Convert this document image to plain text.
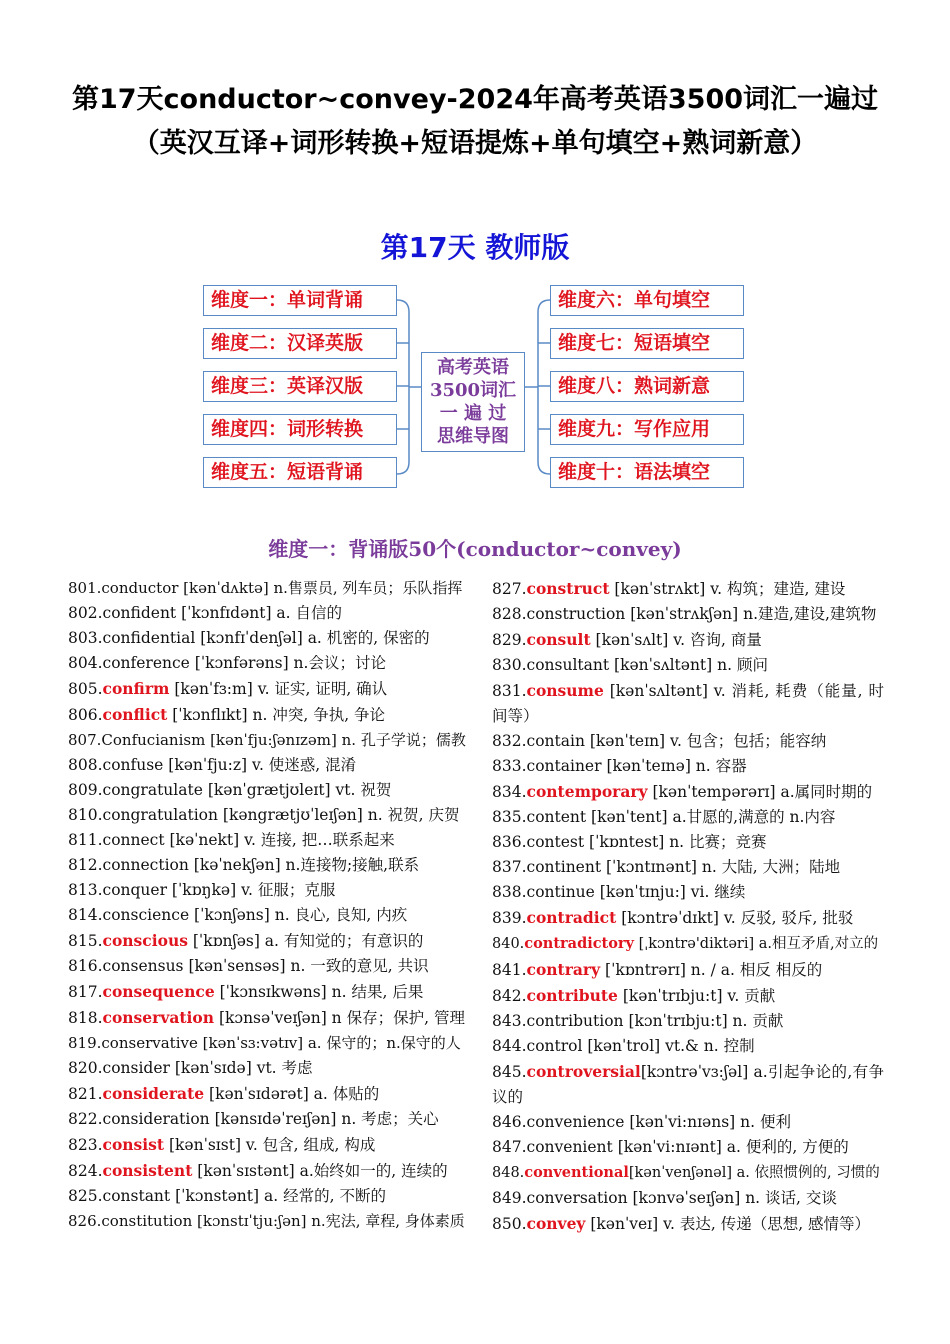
第17天conductor~convey-2024年高考英语3500词汇一遍过（英汉互译+词形转换+短语提炼+单句填空+熟词新意）
第17天 教师版
维度一：单词背诵
维度二：汉译英版
维度三：英译汉版
维度四：词形转换
维度五：短语背诵
高考英语
3500词汇
一 遍 过
思维导图
维度六：单句填空
维度七：短语填空
维度八：熟词新意
维度九：写作应用
维度十：语法填空
维度一：背诵版50个(conductor~convey)
801.conductor [kənˈdʌktə] n.售票员, 列车员；乐队指挥
802.confident [ˈkɔnfɪdənt] a. 自信的
803.confidential [kɔnfɪˈdenʃəl] a. 机密的, 保密的
804.conference [ˈkɔnfərəns] n.会议；讨论
805.confirm [kənˈfɜ:m] v. 证实, 证明, 确认
806.conflict [ˈkɔnflɪkt] n. 冲突, 争执, 争论
807.Confucianism [kənˈfju:ʃənɪzəm] n. 孔子学说；儒教
808.confuse [kənˈfju:z] v. 使迷惑, 混淆
809.congratulate [kənˈgrætjʊleɪt] vt. 祝贺
810.congratulation [kəngrætjʊˈleɪʃən] n. 祝贺, 庆贺
811.connect [kəˈnekt] v. 连接, 把…联系起来
812.connection [kəˈnekʃən] n.连接物;接触,联系
813.conquer [ˈkɒŋkə] v. 征服；克服
814.conscience [ˈkɔnʃəns] n. 良心, 良知, 内疚
815.conscious [ˈkɒnʃəs] a. 有知觉的；有意识的
816.consensus [kənˈsensəs] n. 一致的意见, 共识
817.consequence [ˈkɔnsɪkwəns] n. 结果, 后果
818.conservation [kɔnsəˈveɪʃən] n 保存；保护, 管理
819.conservative [kənˈsɜ:vətɪv] a. 保守的；n.保守的人
820.consider [kənˈsɪdə] vt. 考虑
821.considerate [kənˈsɪdərət] a. 体贴的
822.consideration [kənsɪdəˈreɪʃən] n. 考虑；关心
823.consist [kənˈsɪst] v. 包含, 组成, 构成
824.consistent [kənˈsɪstənt] a.始终如一的, 连续的
825.constant [ˈkɔnstənt] a. 经常的, 不断的
826.constitution [kɔnstɪˈtju:ʃən] n.宪法, 章程, 身体素质
827.construct [kənˈstrʌkt] v. 构筑；建造, 建设
828.construction [kənˈstrʌkʃən] n.建造,建设,建筑物
829.consult [kənˈsʌlt] v. 咨询, 商量
830.consultant [kənˈsʌltənt] n. 顾问
831.consume [kənˈsʌltənt] v. 消耗, 耗费（能量, 时间等）
832.contain [kənˈteɪn] v. 包含；包括；能容纳
833.container [kənˈteɪnə] n. 容器
834.contemporary [kənˈtempərərɪ] a.属同时期的
835.content [kənˈtent] a.甘愿的,满意的 n.内容
836.contest [ˈkɒntest] n. 比赛；竞赛
837.continent [ˈkɔntɪnənt] n. 大陆, 大洲；陆地
838.continue [kənˈtɪnju:] vi. 继续
839.contradict [kɔntrəˈdɪkt] v. 反驳, 驳斥, 批驳
840.contradictory [ˌkɔntrə'diktəri] a.相互矛盾,对立的
841.contrary [ˈkɒntrərɪ] n. / a. 相反 相反的
842.contribute [kənˈtrɪbju:t] v. 贡献
843.contribution [kɔnˈtrɪbju:t] n. 贡献
844.control [kənˈtrol] vt.& n. 控制
845.controversial[kɔntrəˈvɜ:ʃəl] a.引起争论的,有争议的
846.convenience [kənˈvi:nɪəns] n. 便利
847.convenient [kənˈvi:nɪənt] a. 便利的, 方便的
848.conventional[kənˈvenʃənəl] a. 依照惯例的, 习惯的
849.conversation [kɔnvəˈseɪʃən] n. 谈话, 交谈
850.convey [kənˈveɪ] v. 表达, 传递（思想, 感情等）
